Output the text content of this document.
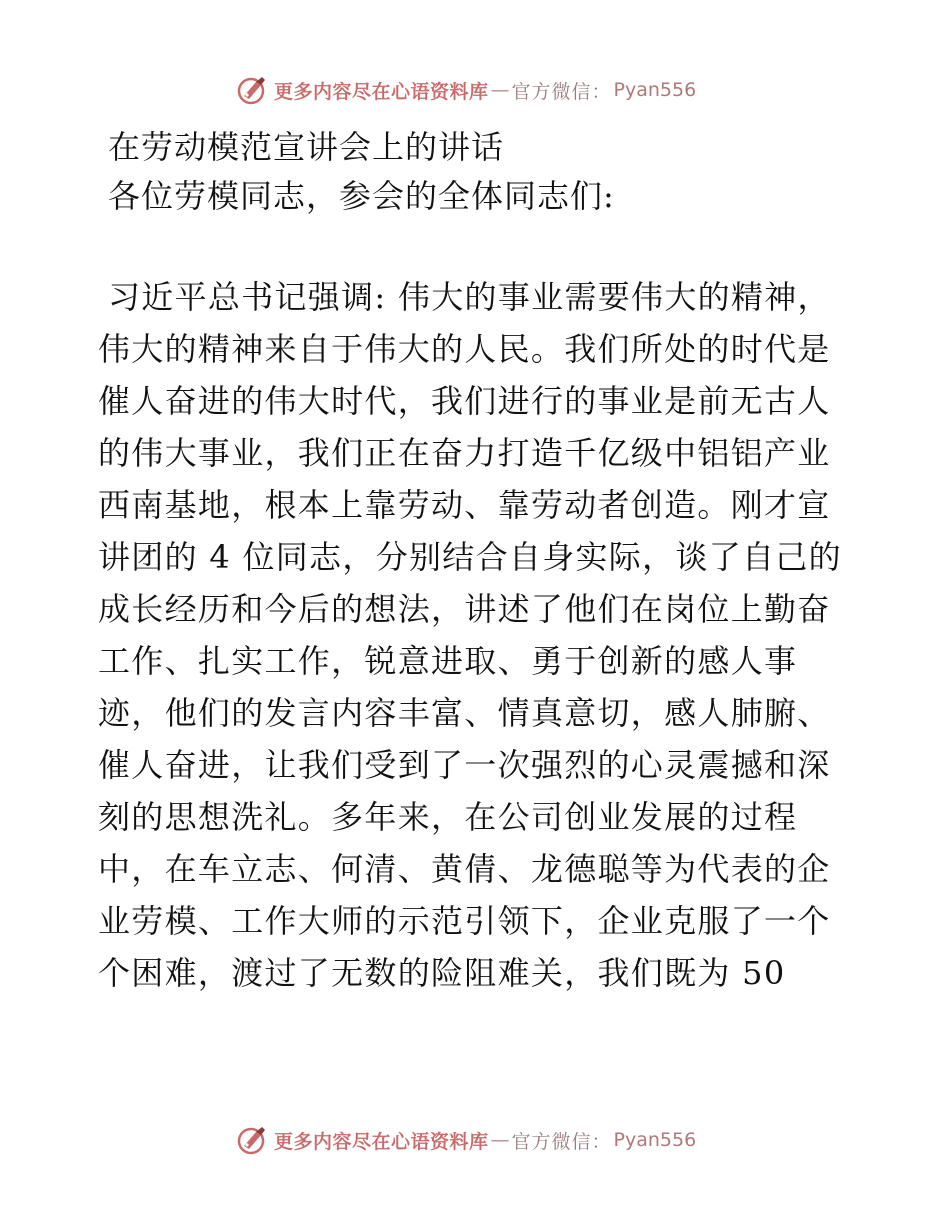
更多内容尽在心语资料库 — 官方微信： Pyan556
在劳动模范宣讲会上的讲话

各位劳模同志，参会的全体同志们:

习近平总书记强调: 伟大的事业需要伟大的精神，伟大的精神来自于伟大的人民。我们所处的时代是催人奋进的伟大时代，我们进行的事业是前无古人的伟大事业，我们正在奋力打造千亿级中铝铝产业西南基地，根本上靠劳动、靠劳动者创造。刚才宣讲团的 4 位同志，分别结合自身实际，谈了自己的成长经历和今后的想法，讲述了他们在岗位上勤奋工作、扎实工作，锐意进取、勇于创新的感人事迹，他们的发言内容丰富、情真意切，感人肺腑、催人奋进，让我们受到了一次强烈的心灵震撼和深刻的思想洗礼。多年来，在公司创业发展的过程中，在车立志、何清、黄倩、龙德聪等为代表的企业劳模、工作大师的示范引领下，企业克服了一个个困难，渡过了无数的险阻难关，我们既为 50

更多内容尽在心语资料库 — 官方微信： Pyan556
